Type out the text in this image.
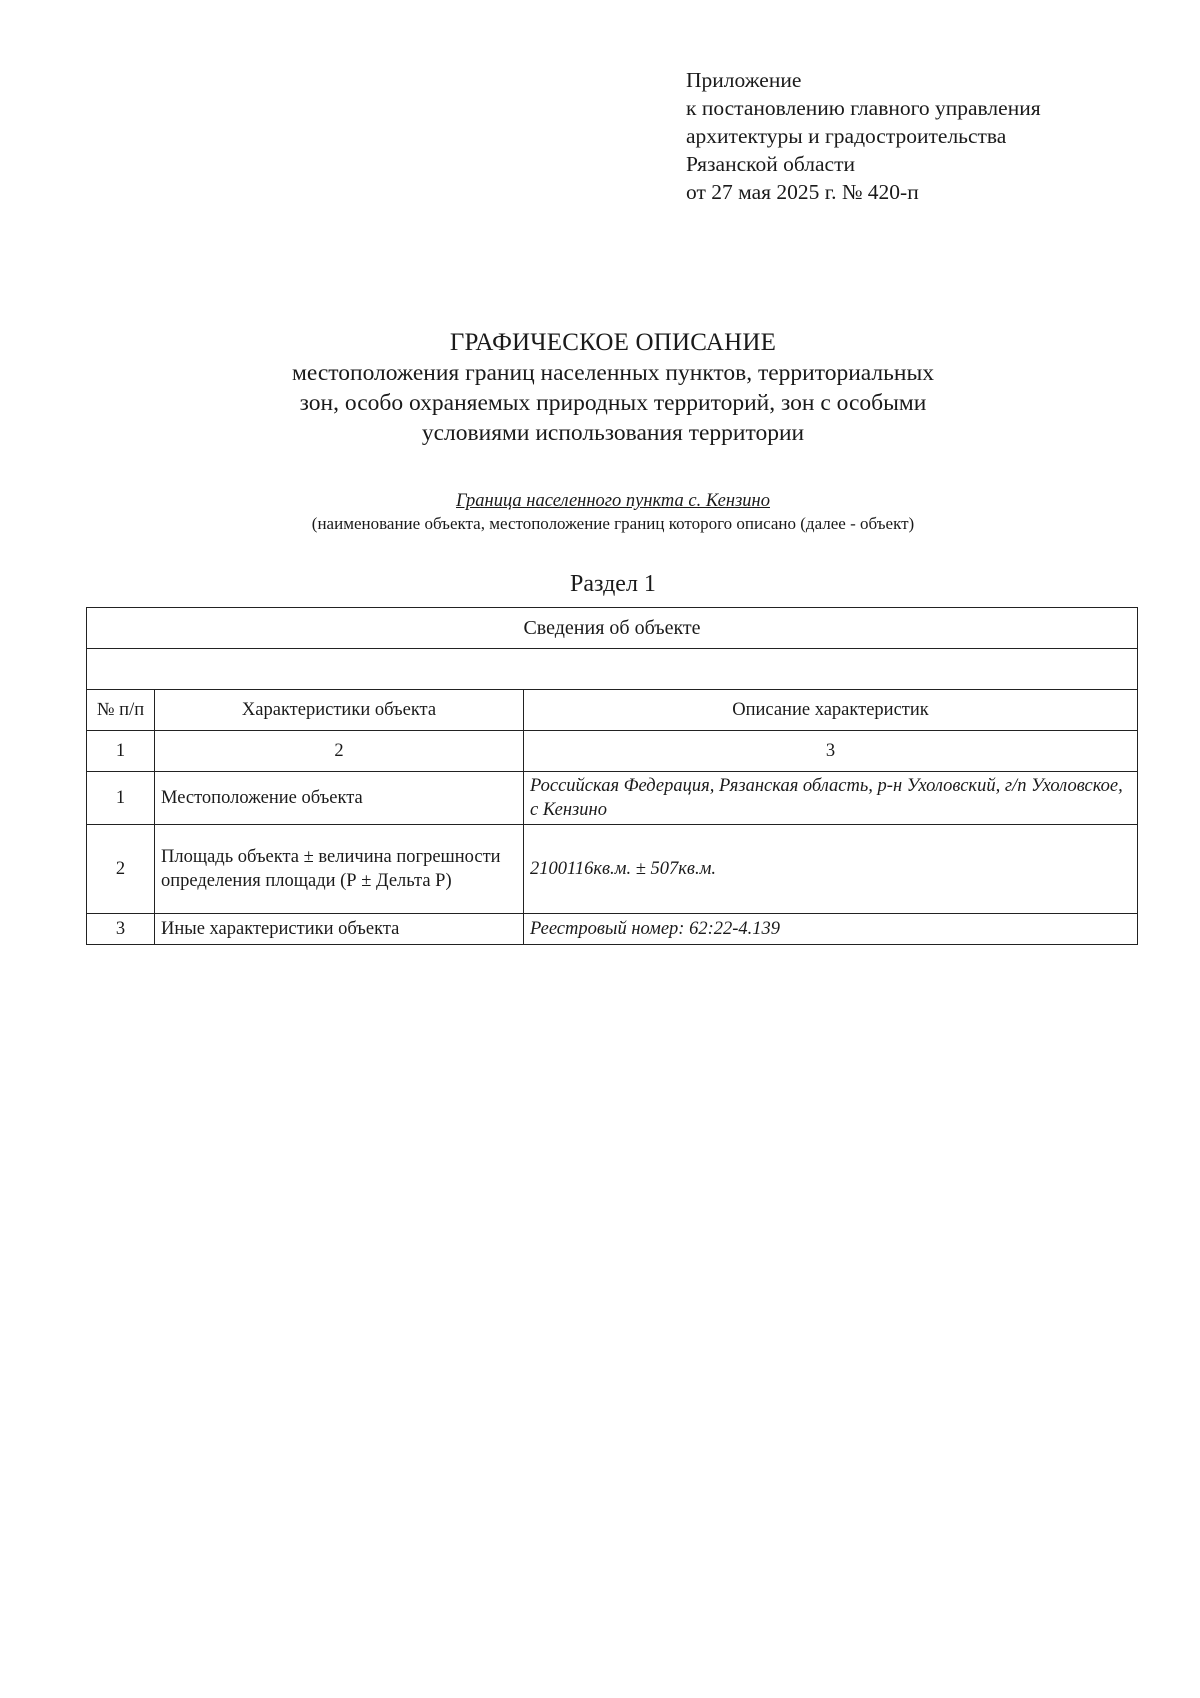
Приложение
к постановлению главного управления
архитектуры и градостроительства
Рязанской области
от 27 мая 2025 г. № 420-п
ГРАФИЧЕСКОЕ ОПИСАНИЕ
местоположения границ населенных пунктов, территориальных
зон, особо охраняемых природных территорий, зон с особыми
условиями использования территории
Граница населенного пункта с. Кензино
(наименование объекта, местоположение границ которого описано (далее - объект)
Раздел 1
Сведения об объекте		

№ п/п	Характеристики объекта	Описание характеристик
1	2	3
1	Местоположение объекта	Российская Федерация, Рязанская область, р-н Ухоловский, г/п Ухоловское, с Кензино
2	Площадь объекта ± величина погрешности определения площади (Р ± Дельта Р)	2100116кв.м. ± 507кв.м.
3	Иные характеристики объекта	Реестровый номер: 62:22-4.139
